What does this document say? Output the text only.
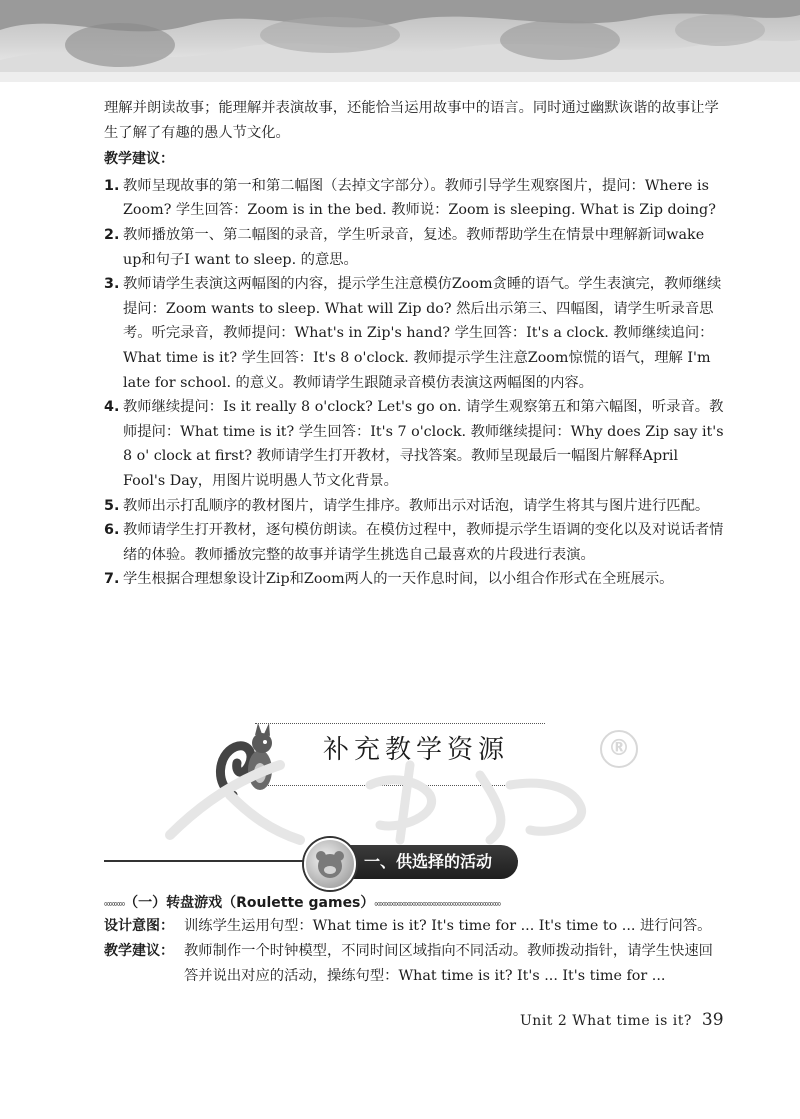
理解并朗读故事；能理解并表演故事，还能恰当运用故事中的语言。同时通过幽默诙谐的故事让学生了解了有趣的愚人节文化。

教学建议：
1. 教师呈现故事的第一和第二幅图（去掉文字部分）。教师引导学生观察图片，提问：Where is Zoom? 学生回答：Zoom is in the bed. 教师说：Zoom is sleeping. What is Zip doing?
2. 教师播放第一、第二幅图的录音，学生听录音，复述。教师帮助学生在情景中理解新词wake up和句子I want to sleep. 的意思。
3. 教师请学生表演这两幅图的内容，提示学生注意模仿Zoom贪睡的语气。学生表演完，教师继续提问：Zoom wants to sleep. What will Zip do? 然后出示第三、四幅图，请学生听录音思考。听完录音，教师提问：What's in Zip's hand? 学生回答：It's a clock. 教师继续追问：What time is it? 学生回答：It's 8 o'clock. 教师提示学生注意Zoom惊慌的语气，理解 I'm late for school. 的意义。教师请学生跟随录音模仿表演这两幅图的内容。
4. 教师继续提问：Is it really 8 o'clock? Let's go on. 请学生观察第五和第六幅图，听录音。教师提问：What time is it? 学生回答：It's 7 o'clock. 教师继续提问：Why does Zip say it's 8 o' clock at first? 教师请学生打开教材，寻找答案。教师呈现最后一幅图片解释April Fool's Day，用图片说明愚人节文化背景。
5. 教师出示打乱顺序的教材图片，请学生排序。教师出示对话泡，请学生将其与图片进行匹配。
6. 教师请学生打开教材，逐句模仿朗读。在模仿过程中，教师提示学生语调的变化以及对说话者情绪的体验。教师播放完整的故事并请学生挑选自己最喜欢的片段进行表演。
7. 学生根据合理想象设计Zip和Zoom两人的一天作息时间，以小组合作形式在全班展示。
补充教学资源	®
一、供选择的活动
∞∞∞∞（一）转盘游戏（Roulette games）∞∞∞∞∞∞∞∞∞∞∞∞∞∞∞∞∞∞∞∞∞∞∞∞∞
设计意图： 训练学生运用句型：What time is it? It's time for ... It's time to ... 进行问答。
教学建议： 教师制作一个时钟模型，不同时间区域指向不同活动。教师拨动指针，请学生快速回答并说出对应的活动，操练句型：What time is it? It's ... It's time for ...
Unit 2 What time is it? 39
